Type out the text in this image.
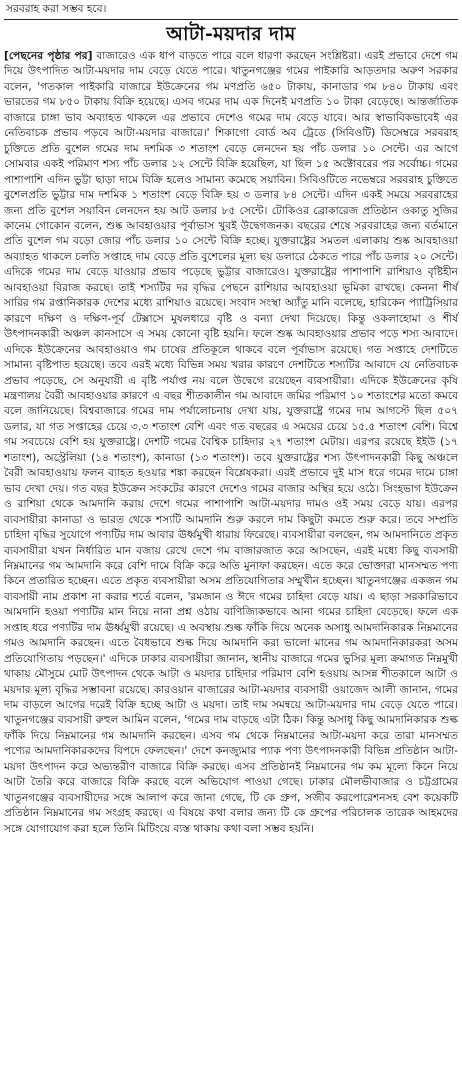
সরবরাহ করা সম্ভব হবে।

আটা-ময়দার দাম

[পেছনের পৃষ্ঠার পর] বাজারেও এক ধাপ বাড়তে পারে বলে ধারণা করছেন সংশ্লিষ্টরা। এরই প্রভাবে দেশে গম দিয়ে উৎপাদিত আটা-ময়দার দাম বেড়ে যেতে পারে। খাতুনগঞ্জের গমের পাইকারি আড়তদার অরুণ সরকার বলেন, 'গতকাল পাইকারি বাজারে ইউক্রেনের গম মণপ্রতি ৬৫০ টাকায়, কানাডার গম ৮৪০ টাকায় এবং ভারতের গম ৮৫০ টাকায় বিক্রি হয়েছে। এসব গমের দাম এক দিনেই মণপ্রতি ১০ টাকা বেড়েছে। আন্তর্জাতিক বাজারে চাঙ্গা ভাব অব্যাহত থাকলে এর প্রভাবে দেশেও গমের দাম বেড়ে যাবে। আর স্বাভাবিকভাবেই এর নেতিবাচক প্রভাব পড়বে আটা-ময়দার বাজারে।' শিকাগো বোর্ড অব ট্রেডে (সিবিওটি) ডিসেম্বরে সরবরাহ চুক্তিতে প্রতি বুশেল গমের দাম দশমিক ৩ শতাংশ বেড়ে লেনদেন হয় পাঁচ ডলার ১০ সেন্টে। এর আগে সোমবার একই পরিমাণ শস্য পাঁচ ডলার ১২ সেন্টে বিক্রি হয়েছিল, যা ছিল ১৫ অক্টোবরের পর সর্বোচ্চ। গমের পাশাপাশি এদিন ভুট্টা ছাড়া দামে বিক্রি হলেও সামান্য কমেছে সয়াবিন। সিবিওটিতে নভেম্বরে সরবরাহ চুক্তিতে বুশেলপ্রতি ভুট্টার দাম দশমিক ১ শতাংশ বেড়ে বিক্রি হয় ৩ ডলার ৮৪ সেন্টে। এদিন একই সময়ে সরবরাহের জন্য প্রতি বুশেল সয়াবিন লেনদেন হয় আট ডলার ৮৫ সেন্টে। টোকিওর ব্রোকারেজ প্রতিষ্ঠান ওকাতু সুজির কানেম গোকোন বলেন, শুষ্ক আবহাওয়ার পূর্বাভাস খুবই উদ্বেগজনক। বছরের শেষে সরবরাহের জন্য বর্তমানে প্রতি বুশেল গম বড়ো জোর পাঁচ ডলার ১০ সেন্টে বিক্রি হচ্ছে। যুক্তরাষ্ট্রের সমতল এলাকায় শুষ্ক আবহাওয়া অব্যাহত থাকলে চলতি সপ্তাহে দাম বেড়ে প্রতি বুশেলের মূল্য ছয় ডলারে ঠেকতে পারে পাঁচ ডলার ২০ সেন্টে। এদিকে গমের দাম বেড়ে যাওয়ার প্রভাব পড়েছে ভুট্টার বাজারেও। যুক্তরাষ্ট্রের পাশাপাশি রাশিয়াও বৃষ্টিহীন আবহাওয়া বিরাজ করছে। তাই শস্যটির দর বৃদ্ধির পেছনে রাশিয়ার আবহাওয়া ভূমিকা রাখছে। কেননা শীর্ষ সারির গম রপ্তানিকারক দেশের মধ্যে রাশিয়াও রয়েছে। সংবাদ সংস্থা অ্যাঁতু মানি বলেছে, হারিকেন প্যাট্রিসিয়ার কারণে দক্ষিণ ও দক্ষিণ-পূর্ব টেক্সাসে মুষলধারে বৃষ্টি ও বন্যা দেখা দিয়েছে। কিন্তু ওকলাহোমা ও শীর্ষ উৎপাদনকারী অঞ্চল কানসাসে এ সময় কোনো বৃষ্টি হয়নি। ফলে শুষ্ক আবহাওয়ার প্রভাব পড়ে শস্য আবাদে। এদিকে ইউক্রেনের আবহাওয়াও গম চাষের প্রতিকূলে থাকবে বলে পূর্বাভাস রয়েছে। গত সপ্তাহে দেশটিতে সামান্য বৃষ্টিপাত হয়েছে। তবে এরই মধ্যে বিভিন্ন সময় খরার কারণে দেশটিতে শস্যটির আবাদে যে নেতিবাচক প্রভাব পড়েছে, সে অনুযায়ী এ বৃষ্টি পর্যাপ্ত নয় বলে উদ্বেগে রয়েছেন ব্যবসায়ীরা। এদিকে ইউক্রেনের কৃষি মন্ত্রণালয় বৈরী আবহাওয়ার কারণে এ বছর শীতকালীন গম আবাদে জমির পরিমাণ ১০ শতাংশের মতো কমবে বলে জানিয়েছে। বিশ্ববাজারে গমের দাম পর্যালোচনায় দেখা যায়, যুক্তরাষ্ট্রে গমের দাম আগস্টে ছিল ৫০৭ ডলার, যা গত সপ্তাহের চেয়ে ৩.৩ শতাংশ বেশি এবং গত বছরের এ সময়ের চেয়ে ১৫.৫ শতাংশ বেশি। বিশ্বে গম সবচেয়ে বেশি হয় যুক্তরাষ্ট্রে। দেশটি গমের বৈশ্বিক চাহিদার ২৭ শতাংশ মেটায়। এরপর রয়েছে ইইউ (১৭ শতাংশ), অস্ট্রেলিয়া (১৪ শতাংশ), কানাডা (১৩ শতাংশ)। তবে যুক্তরাষ্ট্রের শস্য উৎপাদনকারী কিছু অঞ্চলে বৈরী আবহাওয়ায় ফলন ব্যাহত হওয়ার শঙ্কা করছেন বিশ্লেষকরা। এরই প্রভাবে দুই মাস ধরে গমের দামে চাঙ্গা ভাব দেখা দেয়। গত বছর ইউক্রেন সংকটের কারণে দেশেও গমের বাজার অস্থির হয়ে ওঠে। সিংহভাগ ইউক্রেন ও রাশিয়া থেকে আমদানি করায় দেশে গমের পাশাপাশি আটা-ময়দার দামও ওই সময় বেড়ে যায়। এরপর ব্যবসায়ীরা কানাডা ও ভারত থেকে শস্যটি আমদানি শুরু করলে দাম কিছুটা কমতে শুরু করে। তবে সম্প্রতি চাহিদা বৃদ্ধির সুযোগে পণ্যটির দাম আবার ঊর্ধ্বমুখী ধারায় ফিরেছে। ব্যবসায়ীরা বলছেন, গম আমদানিতে প্রকৃত ব্যবসায়ীরা যখন নির্ধারিত মান বজায় রেখে দেশে গম বাজারজাত করে আসছেন, এরই মধ্যে কিছু ব্যবসায়ী নিম্নমানের গম আমদানি করে বেশি দামে বিক্রি করে অতি মুনাফা করছেন। এতে করে ভোক্তারা মানসম্মত পণ্য কিনে প্রতারিত হচ্ছেন। এতে প্রকৃত ব্যবসায়ীরা অসম প্রতিযোগিতার সম্মুখীন হচ্ছেন। খাতুনগঞ্জের একজন গম ব্যবসায়ী নাম প্রকাশ না করার শর্তে বলেন, 'রমজান ও ঈদে গমের চাহিদা বেড়ে যায়। এ ছাড়া সরকারিভাবে আমদানি হওয়া পণ্যটির মান নিয়ে নানা প্রশ্ন ওঠায় বাণিজ্যিকভাবে আনা গমের চাহিদা বেড়েছে। ফলে এক সপ্তাহ ধরে পণ্যটির দাম ঊর্ধ্বমুখী রয়েছে। এ অবস্থায় শুল্ক ফাঁকি দিয়ে অনেক অসাধু আমদানিকারক নিম্নমানের গমও আমদানি করছেন। এতে বৈধভাবে শুল্ক দিয়ে আমদানি করা ভালো মানের গম আমদানিকারকরা অসম প্রতিযোগিতায় পড়ছেন।' এদিকে ঢাকার ব্যবসায়ীরা জানান, স্থানীয় বাজারে গমের ভুসির মূল্য ক্রমাগত নিম্নমুখী থাকায় মৌসুমে মোট উৎপাদন থেকে আটা ও ময়দার চাহিদার পরিমাণ বেশি হওয়ায় আসন্ন শীতকালে আটা ও ময়দার মূল্য বৃদ্ধির সম্ভাবনা রয়েছে। কারওয়ান বাজারের আটা-ময়দার ব্যবসায়ী ওয়াজেদ আলী জানান, গমের দাম বাড়লে আগের দরেই বিক্রি হচ্ছে আটা ও ময়দা। তাই দাম সমন্বয়ে আটা-ময়দার দাম বেড়ে যেতে পারে। খাতুনগঞ্জের ব্যবসায়ী রুহুল আমিন বলেন, 'গমের দাম বাড়ছে এটা ঠিক। কিন্তু অসাধু কিছু আমদানিকারক শুল্ক ফাঁকি দিয়ে নিম্নমানের গম আমদানি করছেন। এসব গম থেকে নিম্নমানের আটা-ময়দা করে তারা মানসম্মত পণ্যের আমদানিকারকদের বিপদে ফেলছেন।' দেশে কনজ্যুমার প্যাক পণ্য উৎপাদনকারী বিভিন্ন প্রতিষ্ঠান আটা-ময়দা উৎপাদন করে অভ্যন্তরীণ বাজারে বিক্রি করছে। এসব প্রতিষ্ঠানই নিম্নমানের গম কম মূল্যে কিনে নিয়ে আটা তৈরি করে বাজারে বিক্রি করছে বলে অভিযোগ পাওয়া গেছে। ঢাকার মৌলভীবাজার ও চট্টগ্রামের খাতুনগঞ্জের ব্যবসায়ীদের সঙ্গে আলাপ করে জানা গেছে, টি কে গ্রুপ, সজীব করপোরেশনসহ বেশ কয়েকটি প্রতিষ্ঠান নিম্নমানের গম সংগ্রহ করছে। এ বিষয়ে কথা বলার জন্য টি কে গ্রুপের পরিচালক তারেক আহমদের সঙ্গে যোগাযোগ করা হলে তিনি মিটিংয়ে ব্যস্ত থাকায় কথা বলা সম্ভব হয়নি।
